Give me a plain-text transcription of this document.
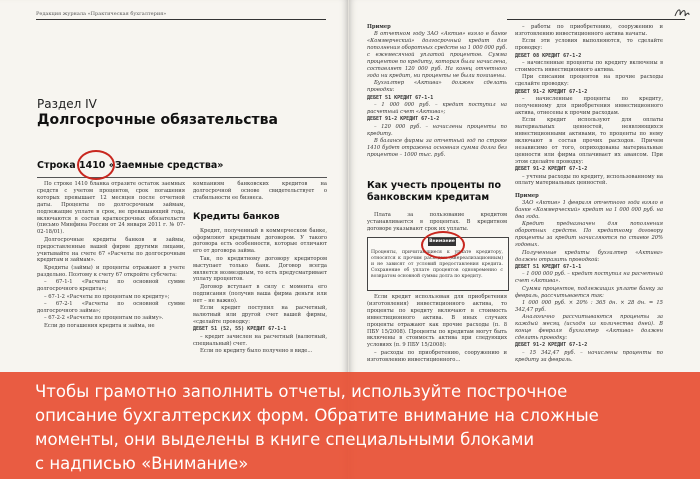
Редакция журнала «Практическая бухгалтерия»
Раздел IV
Долгосрочные обязательства
Строка 1410 «Заемные средства»

По строке 1410 бланка отразите остаток заемных средств с учетом процентов, срок погашения которых превышает 12 месяцев после отчетной даты. Проценты по долгосрочным займам, подлежащие уплате в срок, не превышающий года, включаются в состав краткосрочных обязательств (письмо Минфина России от 24 января 2011 г. № 07-02-18/01).

Долгосрочные кредиты банков и займы, предоставленные вашей фирме другими лицами, учитывайте на счете 67 «Расчеты по долгосрочным кредитам и займам».

Кредиты (займы) и проценты отражают в учете раздельно. Поэтому к счету 67 откройте субсчета:

– 67-1-1 «Расчеты по основной сумме долгосрочного кредита»;

– 67-1-2 «Расчеты по процентам по кредиту»;

– 67-2-1 «Расчеты по основной сумме долгосрочного займа»;

– 67-2-2 «Расчеты по процентам по займу».

Если до погашения кредита и займа, не

компаниям банковских кредитов на долгосрочной основе свидетельствует о стабильности ее бизнеса.

Кредиты банков

Кредит, полученный в коммерческом банке, оформляют кредитным договором. У такого договора есть особенности, которые отличают его от договора займа.

Так, по кредитному договору кредитором выступает только банк. Договор всегда является возмездным, то есть предусматривает уплату процентов.

Договор вступает в силу с момента его подписания (получив ваша фирма деньги или нет – не важно).

Если кредит поступил на расчетный, валютный или другой счет вашей фирмы, «сделайте проводку:

ДЕБЕТ 51 (52, 55) КРЕДИТ 67-1-1

– кредит зачислен на расчетный (валютный, специальный) счет.

Если по кредиту было получено в виде...

Пример

В отчетном году ЗАО «Актив» взяло в банке «Коммерческий» долгосрочный кредит для пополнения оборотных средств на 1 000 000 руб. с ежемесячной уплатой процентов. Сумма процентов по кредиту, которая была начислена, составляет 120 000 руб. На конец отчетного года ни кредит, ни проценты не были погашены.

Бухгалтер «Актива» должен сделать проводки:

ДЕБЕТ 51 КРЕДИТ 67-1-1

– 1 000 000 руб. – кредит поступил на расчетный счет «Актива»;

ДЕБЕТ 91-2 КРЕДИТ 67-1-2

– 120 000 руб. – начислены проценты по кредиту.

В балансе фирмы за отчетный год по строке 1410 будет отражена основная сумма долга без процентов – 1000 тыс. руб.

Как учесть проценты по банковским кредитам

Плата за пользование кредитом устанавливается в процентах. В кредитном договоре указывают срок их уплаты.

Внимание
Проценты, причитающиеся к уплате кредитору, относятся к прочим расходам (внереализационным) и не зависят от условий предоставления кредита. Сохранение об уплате процентов одновременно с возвратом основной суммы долга по кредиту.

Если кредит использован для приобретения (изготовления) инвестиционного актива, то проценты по кредиту включают в стоимость инвестиционного актива. В иных случаях проценты отражают как прочие расходы (п. 8 ПБУ 15/2008). Проценты по кредитам могут быть включены в стоимость актива при следующих условиях (п. 9 ПБУ 15/2008):

– расходы по приобретению, сооружению и изготовлению инвестиционного...

– работы по приобретению, сооружению и изготовлению инвестиционного актива начаты.

Если эти условия выполняются, то сделайте проводку:

ДЕБЕТ 08 КРЕДИТ 67-1-2

– начисленные проценты по кредиту включены в стоимость инвестиционного актива.

При списании процентов на прочие расходы сделайте проводку:

ДЕБЕТ 91-2 КРЕДИТ 67-1-2

– начисленные проценты по кредиту, полученному для приобретения инвестиционного актива, отнесены к прочим расходам.

Если кредит используют для оплаты материальных ценностей, неявляющихся инвестиционными активами, то проценты по нему включают в состав прочих расходов. Причем независимо от того, оприходованы материальные ценности или фирма оплачивает их авансом. При этом сделайте проводку:

ДЕБЕТ 91-2 КРЕДИТ 67-1-2

– учтены расходы по кредиту, использованному на оплату материальных ценностей.

Пример

ЗАО «Актив» 1 февраля отчетного года взяло в банке «Коммерческий» кредит на 1 000 000 руб. на два года.

Кредит предназначен для пополнения оборотных средств. По кредитному договору проценты за кредит начисляются по ставке 20% годовых.

Полученные кредиты бухгалтер «Актива» должен отразить проводкой:

ДЕБЕТ 51 КРЕДИТ 67-1-1

– 1 000 000 руб. – кредит поступил на расчетный счет «Актива».

Сумма процентов, подлежащих уплате банку за февраль, рассчитывается так:

1 000 000 руб. × 20% : 365 дн. × 28 дн. = 15 342,47 руб.

Аналогично рассчитываются проценты за каждый месяц (исходя из количества дней). В конце февраля бухгалтер «Актива» должен сделать проводку:

ДЕБЕТ 91-2 КРЕДИТ 67-1-2

– 15 342,47 руб. – начислены проценты по кредиту за февраль.

Чтобы грамотно заполнить отчеты, используйте построчное
описание бухгалтерских форм. Обратите внимание на сложные
моменты, они выделены в книге специальными блоками
с надписью «Внимание»
